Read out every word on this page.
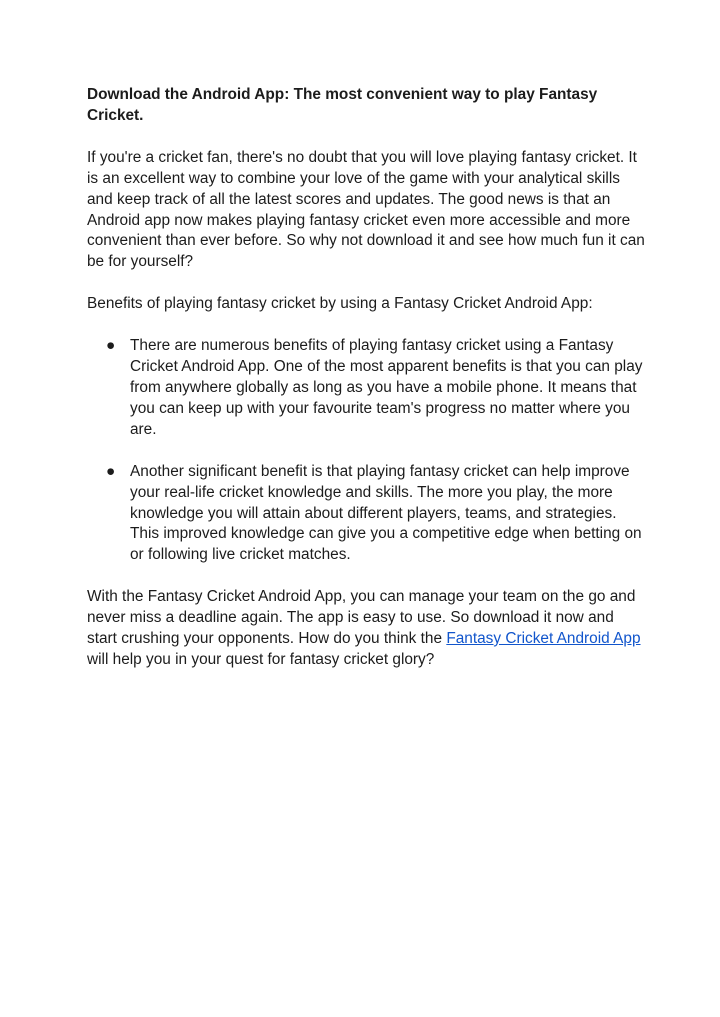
Download the Android App: The most convenient way to play Fantasy Cricket.

If you're a cricket fan, there's no doubt that you will love playing fantasy cricket. It is an excellent way to combine your love of the game with your analytical skills and keep track of all the latest scores and updates. The good news is that an Android app now makes playing fantasy cricket even more accessible and more convenient than ever before. So why not download it and see how much fun it can be for yourself?

Benefits of playing fantasy cricket by using a Fantasy Cricket Android App:

● There are numerous benefits of playing fantasy cricket using a Fantasy Cricket Android App. One of the most apparent benefits is that you can play from anywhere globally as long as you have a mobile phone. It means that you can keep up with your favourite team's progress no matter where you are.
● Another significant benefit is that playing fantasy cricket can help improve your real-life cricket knowledge and skills. The more you play, the more knowledge you will attain about different players, teams, and strategies. This improved knowledge can give you a competitive edge when betting on or following live cricket matches.

With the Fantasy Cricket Android App, you can manage your team on the go and never miss a deadline again. The app is easy to use. So download it now and start crushing your opponents. How do you think the Fantasy Cricket Android App will help you in your quest for fantasy cricket glory?
